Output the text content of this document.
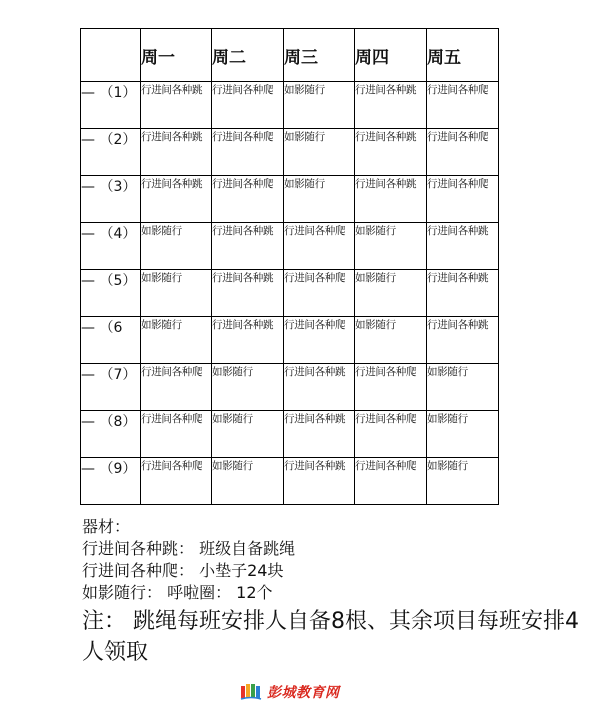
	周一	周二	周三	周四	周五
— （1）	行进间各种跳	行进间各种爬	如影随行	行进间各种跳	行进间各种爬
— （2）	行进间各种跳	行进间各种爬	如影随行	行进间各种跳	行进间各种爬
— （3）	行进间各种跳	行进间各种爬	如影随行	行进间各种跳	行进间各种爬
— （4）	如影随行	行进间各种跳	行进间各种爬	如影随行	行进间各种跳
— （5）	如影随行	行进间各种跳	行进间各种爬	如影随行	行进间各种跳
— （6	如影随行	行进间各种跳	行进间各种爬	如影随行	行进间各种跳
— （7）	行进间各种爬	如影随行	行进间各种跳	行进间各种爬	如影随行
— （8）	行进间各种爬	如影随行	行进间各种跳	行进间各种爬	如影随行
— （9）	行进间各种爬	如影随行	行进间各种跳	行进间各种爬	如影随行
器材：
行进间各种跳： 班级自备跳绳
行进间各种爬： 小垫子24块
如影随行： 呼啦圈： 12个
注： 跳绳每班安排人自备8根、其余项目每班安排4人领取
彭城教育网
